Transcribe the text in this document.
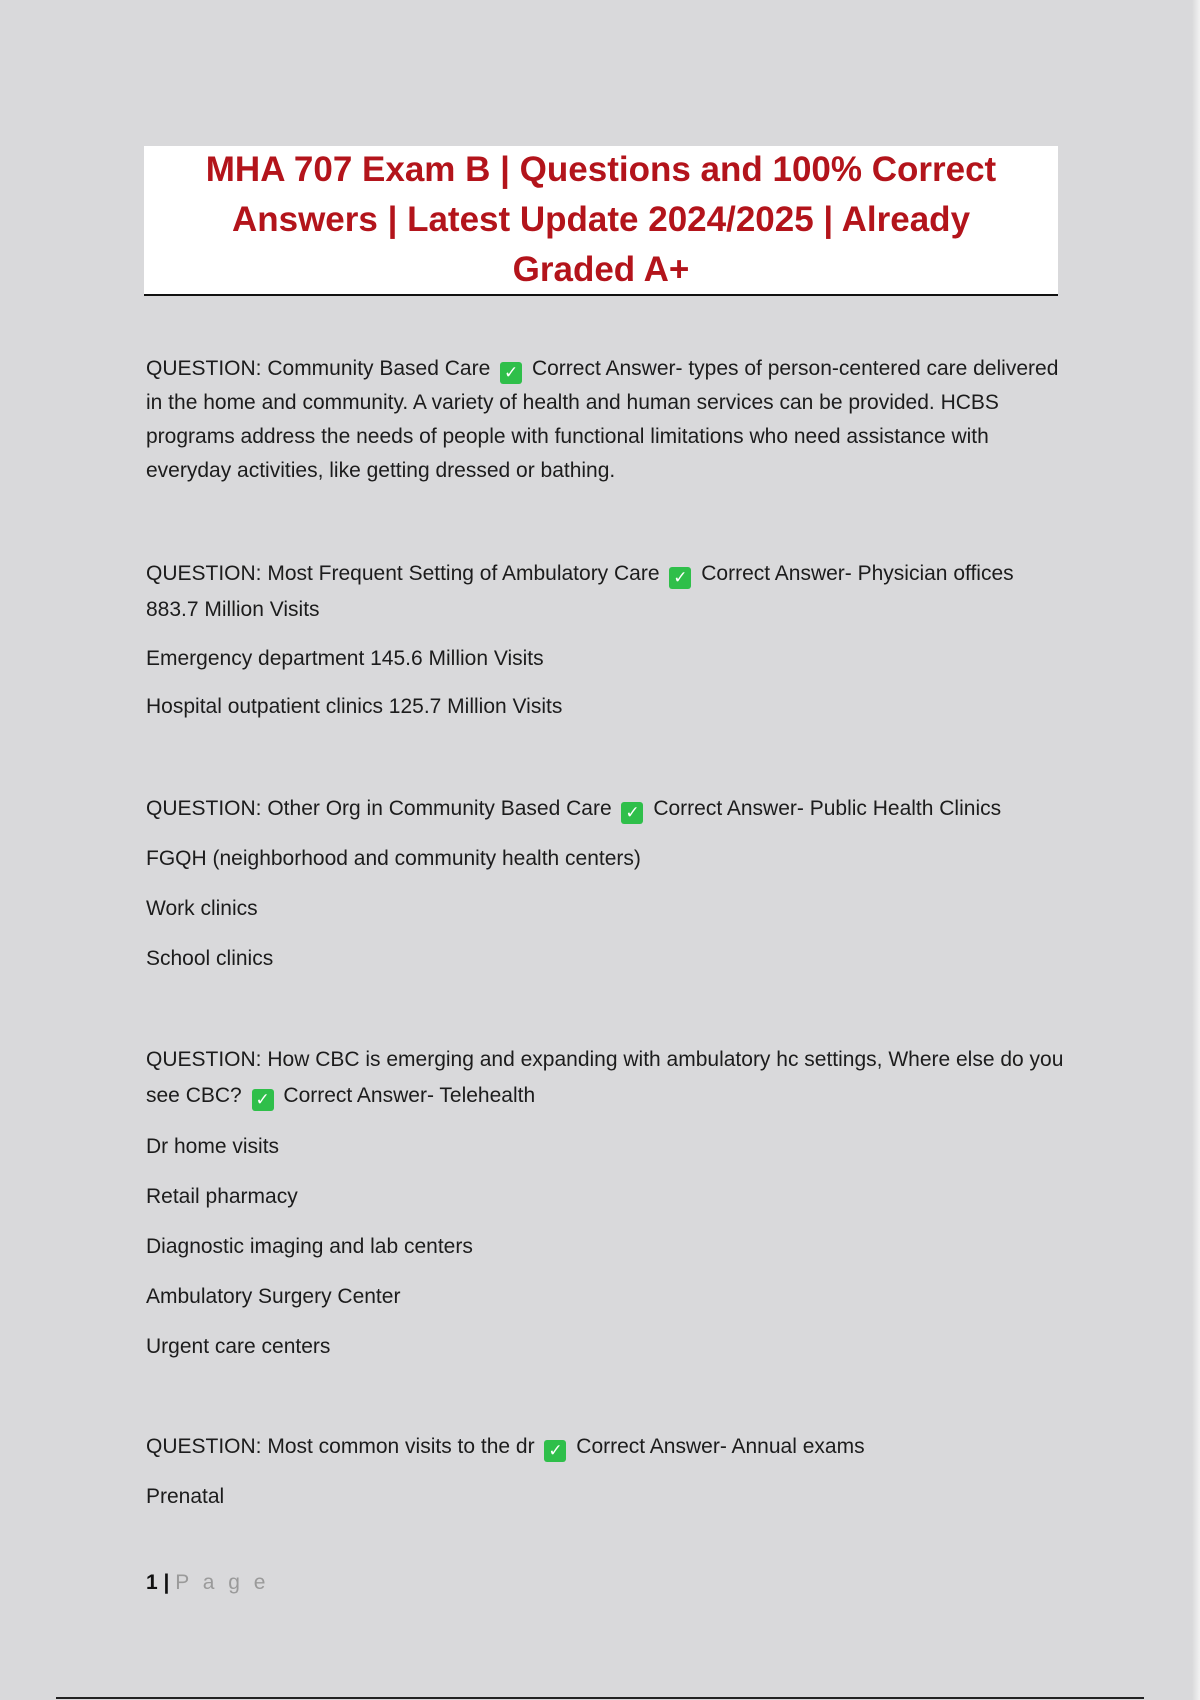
MHA 707 Exam B | Questions and 100% Correct Answers | Latest Update 2024/2025 | Already Graded A+

QUESTION: Community Based Care ✓ Correct Answer- types of person-centered care delivered in the home and community. A variety of health and human services can be provided. HCBS programs address the needs of people with functional limitations who need assistance with everyday activities, like getting dressed or bathing.

QUESTION: Most Frequent Setting of Ambulatory Care ✓ Correct Answer- Physician offices 883.7 Million Visits

Emergency department 145.6 Million Visits

Hospital outpatient clinics 125.7 Million Visits

QUESTION: Other Org in Community Based Care ✓ Correct Answer- Public Health Clinics

FGQH (neighborhood and community health centers)

Work clinics

School clinics

QUESTION: How CBC is emerging and expanding with ambulatory hc settings, Where else do you see CBC? ✓ Correct Answer- Telehealth

Dr home visits

Retail pharmacy

Diagnostic imaging and lab centers

Ambulatory Surgery Center

Urgent care centers

QUESTION: Most common visits to the dr ✓ Correct Answer- Annual exams

Prenatal

1 | P a g e
